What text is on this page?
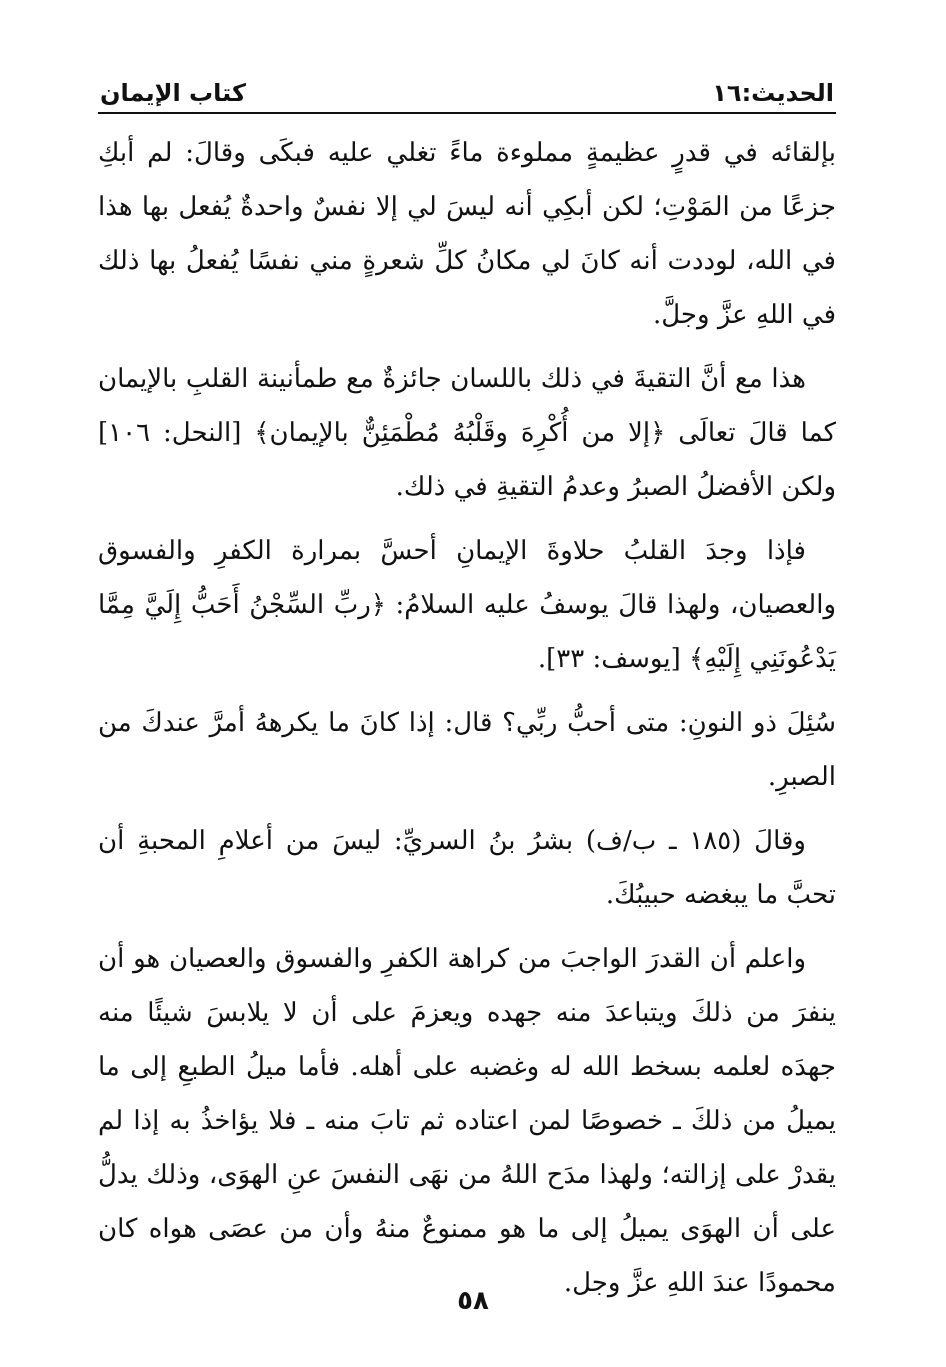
الحديث:١٦
كتاب الإيمان

بإلقائه في قدرٍ عظيمةٍ مملوءة ماءً تغلي عليه فبكَى وقالَ: لم أبكِ جزعًا من المَوْتِ؛ لكن أبكِي أنه ليسَ لي إلا نفسٌ واحدةٌ يُفعل بها هذا في الله، لوددت أنه كانَ لي مكانُ كلِّ شعرةٍ مني نفسًا يُفعلُ بها ذلك في اللهِ عزَّ وجلَّ.

هذا مع أنَّ التقيةَ في ذلك باللسان جائزةٌ مع طمأنينة القلبِ بالإيمان كما قالَ تعالَى ﴿إلا من أُكْرِهَ وقَلْبُهُ مُطْمَئِنٌّ بالإيمان﴾ [النحل: ١٠٦] ولكن الأفضلُ الصبرُ وعدمُ التقيةِ في ذلك.

فإذا وجدَ القلبُ حلاوةَ الإيمانِ أحسَّ بمرارة الكفرِ والفسوق والعصيان، ولهذا قالَ يوسفُ عليه السلامُ: ﴿ربِّ السِّجْنُ أَحَبُّ إِلَيَّ مِمَّا يَدْعُونَنِي إِلَيْهِ﴾ [يوسف: ٣٣].

سُئِلَ ذو النونِ: متى أحبُّ ربِّي؟ قال: إذا كانَ ما يكرههُ أمرَّ عندكَ من الصبرِ.

وقالَ (١٨٥ ـ ب/ف) بشرُ بنُ السريِّ: ليسَ من أعلامِ المحبةِ أن تحبَّ ما يبغضه حبيبُكَ.

واعلم أن القدرَ الواجبَ من كراهة الكفرِ والفسوق والعصيان هو أن ينفرَ من ذلكَ ويتباعدَ منه جهده ويعزمَ على أن لا يلابسَ شيئًا منه جهدَه لعلمه بسخط الله له وغضبه على أهله. فأما ميلُ الطبعِ إلى ما يميلُ من ذلكَ ـ خصوصًا لمن اعتاده ثم تابَ منه ـ فلا يؤاخذُ به إذا لم يقدرْ على إزالته؛ ولهذا مدَح اللهُ من نهَى النفسَ عنِ الهوَى، وذلك يدلُّ على أن الهوَى يميلُ إلى ما هو ممنوعٌ منهُ وأن من عصَى هواه كان محمودًا عندَ اللهِ عزَّ وجل.

٥٨
